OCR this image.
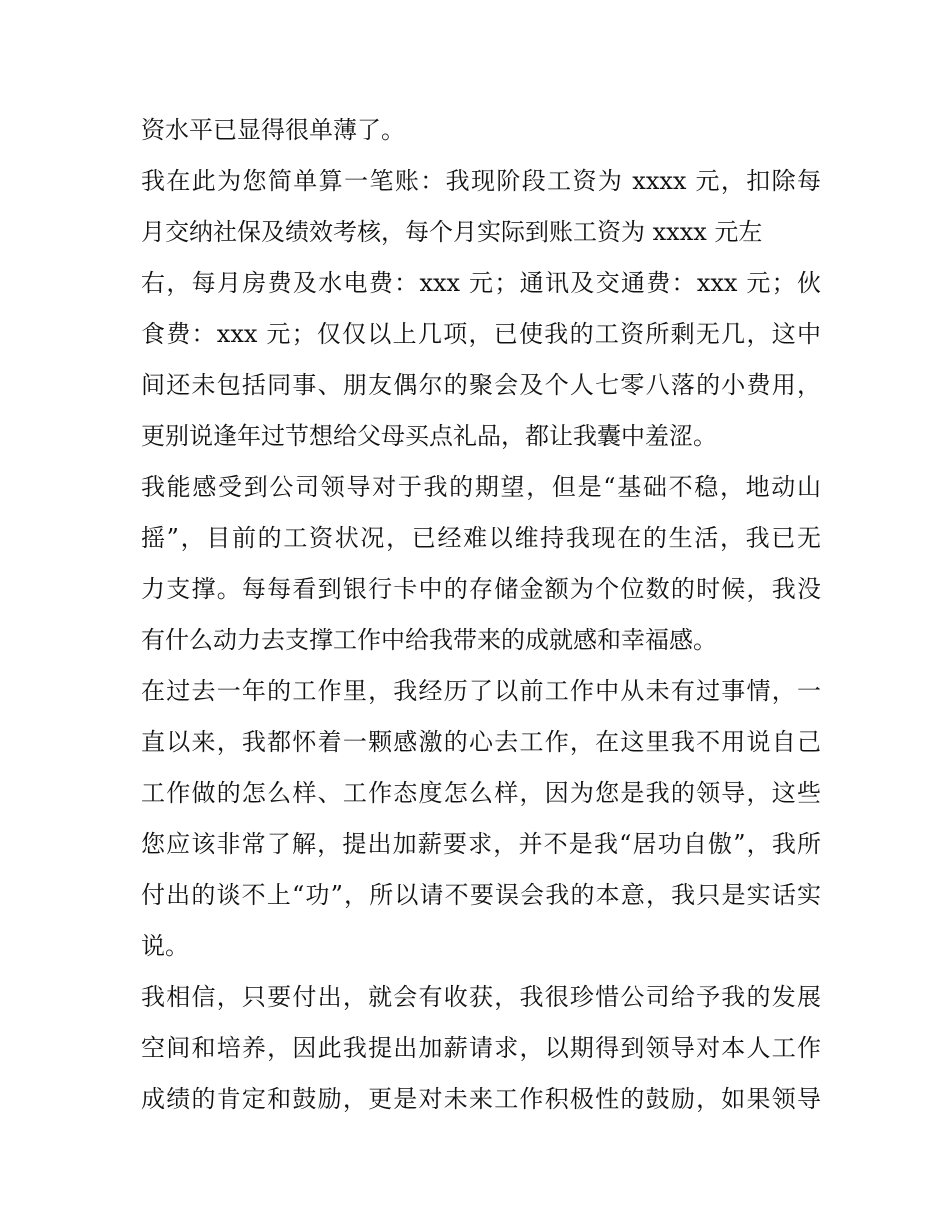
资水平已显得很单薄了。
我在此为您简单算一笔账：我现阶段工资为 xxxx 元，扣除每
月交纳社保及绩效考核，每个月实际到账工资为 xxxx 元左
右，每月房费及水电费：xxx 元；通讯及交通费：xxx 元；伙
食费：xxx 元；仅仅以上几项，已使我的工资所剩无几，这中
间还未包括同事、朋友偶尔的聚会及个人七零八落的小费用，
更别说逢年过节想给父母买点礼品，都让我囊中羞涩。
我能感受到公司领导对于我的期望，但是“基础不稳，地动山
摇”，目前的工资状况，已经难以维持我现在的生活，我已无
力支撑。每每看到银行卡中的存储金额为个位数的时候，我没
有什么动力去支撑工作中给我带来的成就感和幸福感。
在过去一年的工作里，我经历了以前工作中从未有过事情，一
直以来，我都怀着一颗感激的心去工作，在这里我不用说自己
工作做的怎么样、工作态度怎么样，因为您是我的领导，这些
您应该非常了解，提出加薪要求，并不是我“居功自傲”，我所
付出的谈不上“功”，所以请不要误会我的本意，我只是实话实
说。
我相信，只要付出，就会有收获，我很珍惜公司给予我的发展
空间和培养，因此我提出加薪请求，以期得到领导对本人工作
成绩的肯定和鼓励，更是对未来工作积极性的鼓励，如果领导
